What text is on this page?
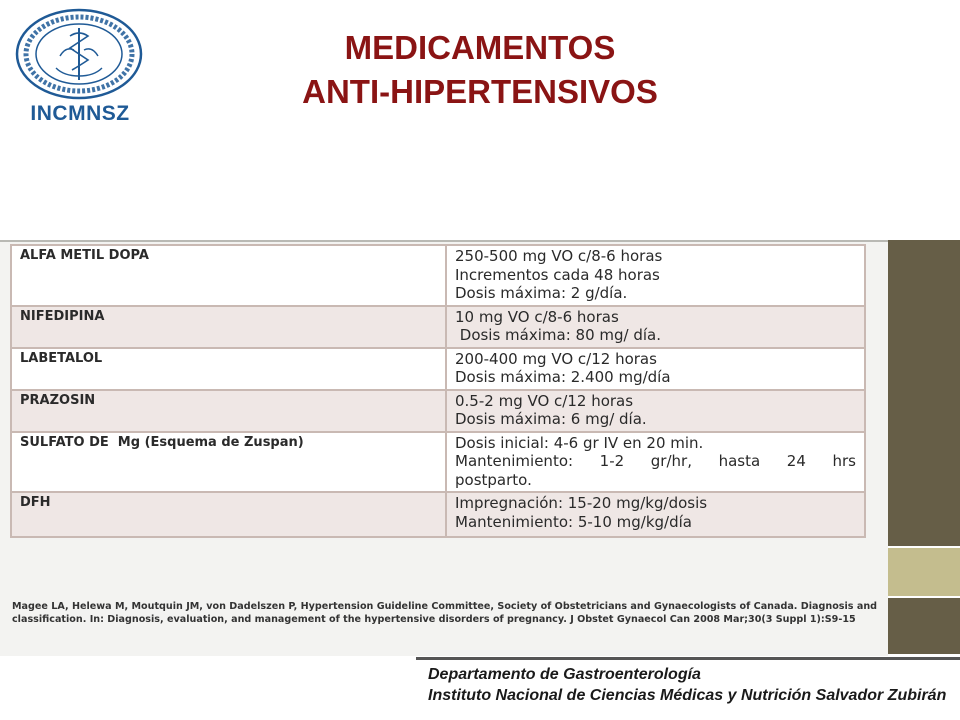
INCMNSZ
MEDICAMENTOS
ANTI-HIPERTENSIVOS
ALFA METIL DOPA	250-500 mg VO c/8-6 horas
Incrementos cada 48 horas
Dosis máxima: 2 g/día.

NIFEDIPINA	10 mg VO c/8-6 horas
Dosis máxima: 80 mg/ día.

LABETALOL	200-400 mg VO c/12 horas
Dosis máxima: 2.400 mg/día

PRAZOSIN	0.5-2 mg VO c/12 horas
Dosis máxima: 6 mg/ día.

SULFATO DE  Mg (Esquema de Zuspan)	Dosis inicial: 4-6 gr IV en 20 min.
Mantenimiento: 1-2 gr/hr, hasta 24 hrs
postparto.

DFH	Impregnación: 15-20 mg/kg/dosis
Mantenimiento: 5-10 mg/kg/día
Magee LA, Helewa M, Moutquin JM, von Dadelszen P, Hypertension Guideline Committee, Society of Obstetricians and Gynaecologists of Canada. Diagnosis and classification. In: Diagnosis, evaluation, and management of the hypertensive disorders of pregnancy. J Obstet Gynaecol Can 2008 Mar;30(3 Suppl 1):S9-15
Departamento de Gastroenterología
Instituto Nacional de Ciencias Médicas y Nutrición Salvador Zubirán
